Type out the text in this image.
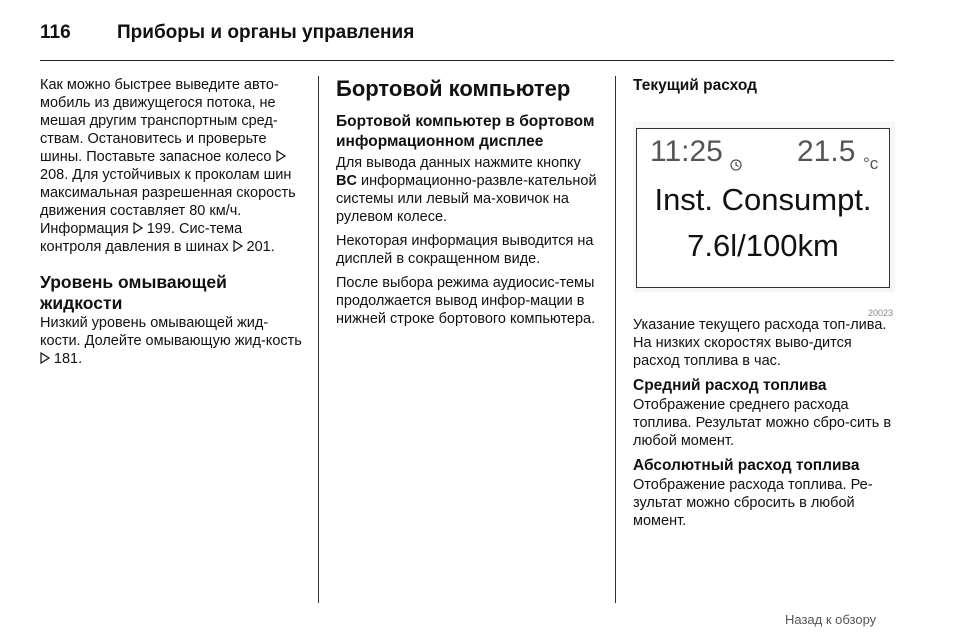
116 Приборы и органы управления

Как можно быстрее выведите авто-мобиль из движущегося потока, не мешая другим транспортным сред-ствам. Остановитесь и проверьте шины. Поставьте запасное колесо  208. Для устойчивых к проколам шин максимальная разрешенная скорость движения составляет 80 км/ч. Информация  199. Сис-тема контроля давления в шинах  201.

Уровень омывающей жидкости

Низкий уровень омывающей жид-кости. Долейте омывающую жид-кость  181.

Бортовой компьютер
Бортовой компьютер в бортовом информационном дисплее

Для вывода данных нажмите кнопку BC информационно-развле-кательной системы или левый ма-ховичок на рулевом колесе.

Некоторая информация выводится на дисплей в сокращенном виде.

После выбора режима аудиосис-темы продолжается вывод инфор-мации в нижней строке бортового компьютера.

Текущий расход
11:25 21.5 °c
Inst. Consumpt.
7.6l/100km
20023

Указание текущего расхода топ-лива. На низких скоростях выво-дится расход топлива в час.

Средний расход топлива

Отображение среднего расхода топлива. Результат можно сбро-сить в любой момент.

Абсолютный расход топлива

Отображение расхода топлива. Ре-зультат можно сбросить в любой момент.

Назад к обзору
